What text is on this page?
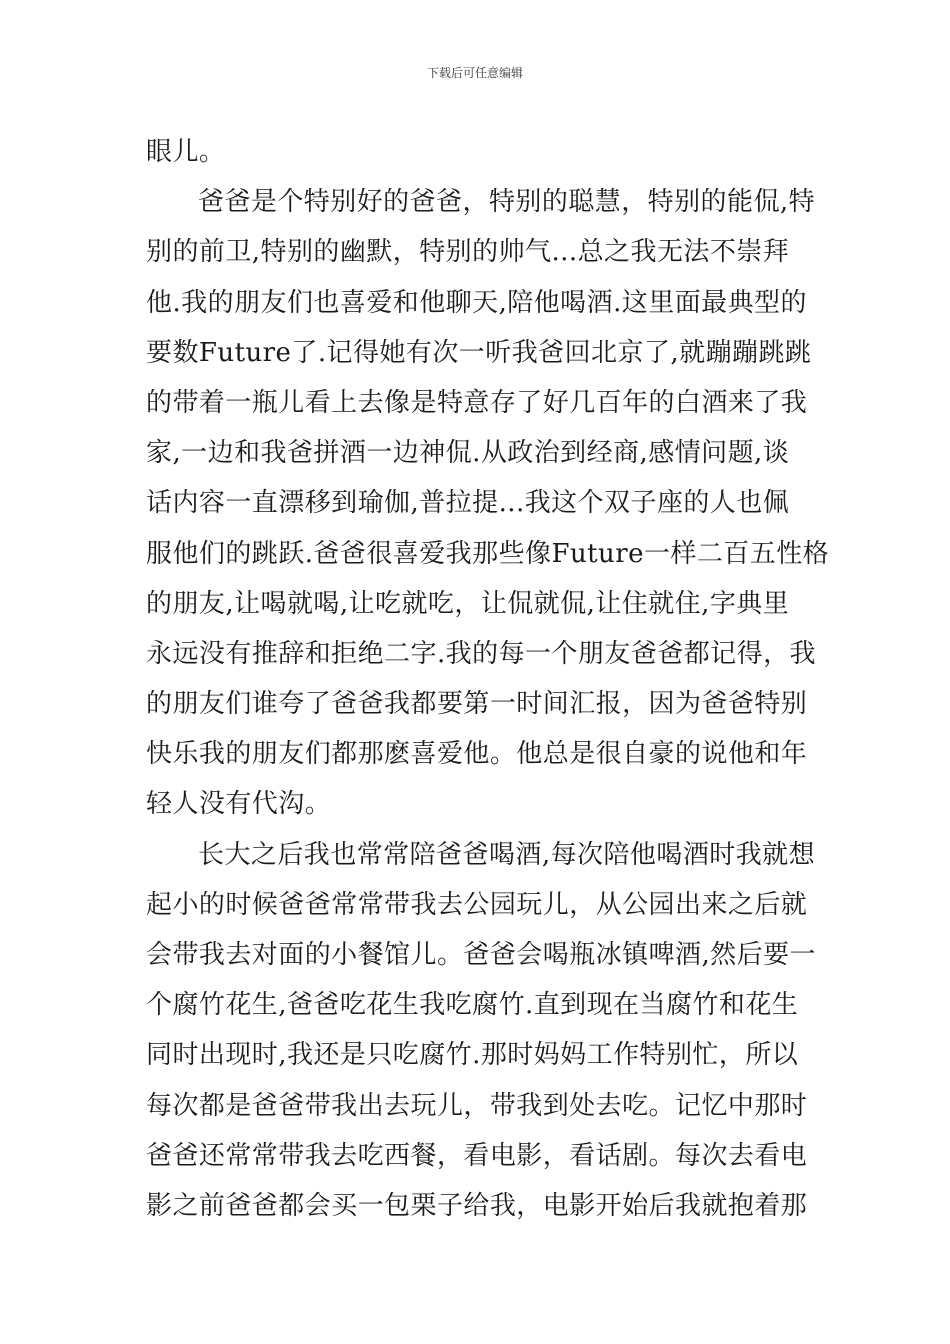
下载后可任意编辑
眼儿。
爸爸是个特别好的爸爸，特别的聪慧，特别的能侃,特
别的前卫,特别的幽默，特别的帅气...总之我无法不崇拜
他.我的朋友们也喜爱和他聊天,陪他喝酒.这里面最典型的
要数Future了.记得她有次一听我爸回北京了,就蹦蹦跳跳
的带着一瓶儿看上去像是特意存了好几百年的白酒来了我
家,一边和我爸拼酒一边神侃.从政治到经商,感情问题,谈
话内容一直漂移到瑜伽,普拉提...我这个双子座的人也佩
服他们的跳跃.爸爸很喜爱我那些像Future一样二百五性格
的朋友,让喝就喝,让吃就吃，让侃就侃,让住就住,字典里
永远没有推辞和拒绝二字.我的每一个朋友爸爸都记得，我
的朋友们谁夸了爸爸我都要第一时间汇报，因为爸爸特别
快乐我的朋友们都那麽喜爱他。他总是很自豪的说他和年
轻人没有代沟。
长大之后我也常常陪爸爸喝酒,每次陪他喝酒时我就想
起小的时候爸爸常常带我去公园玩儿，从公园出来之后就
会带我去对面的小餐馆儿。爸爸会喝瓶冰镇啤酒,然后要一
个腐竹花生,爸爸吃花生我吃腐竹.直到现在当腐竹和花生
同时出现时,我还是只吃腐竹.那时妈妈工作特别忙，所以
每次都是爸爸带我出去玩儿，带我到处去吃。记忆中那时
爸爸还常常带我去吃西餐，看电影，看话剧。每次去看电
影之前爸爸都会买一包栗子给我，电影开始后我就抱着那
